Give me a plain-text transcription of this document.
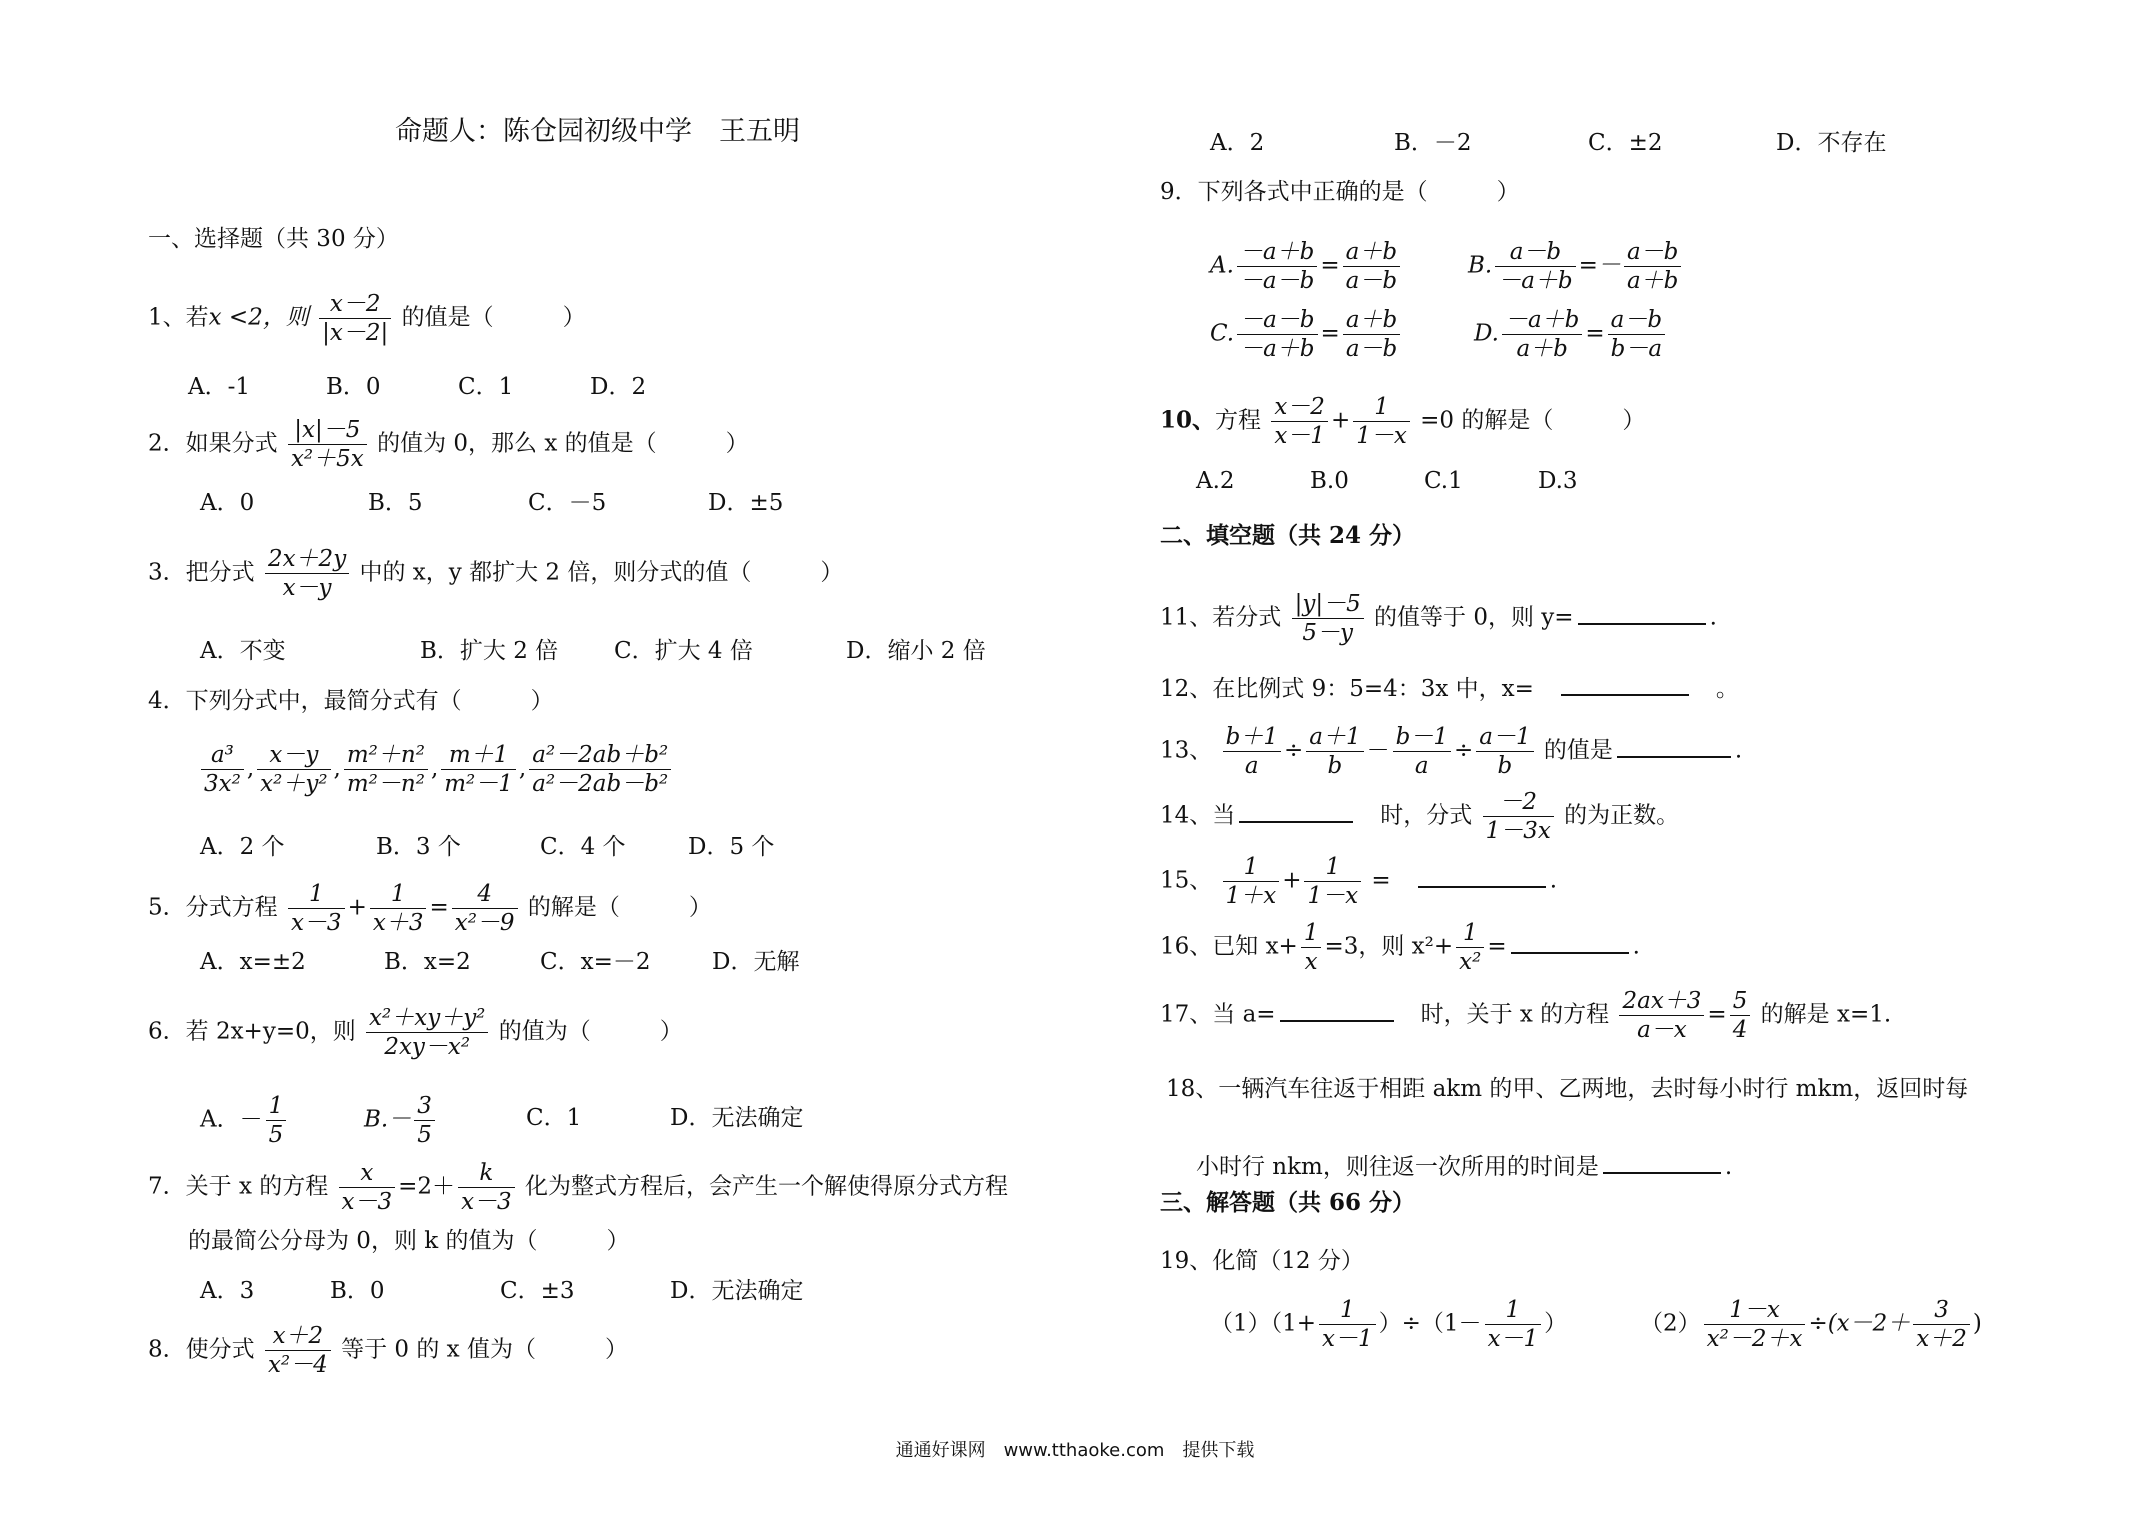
命题人：陈仓园初级中学　王五明
一、选择题（共 30 分）
1、若x <2，则 $\frac{x-2}{|x-2|}$ 的值是（　　　）
A．-1	B．0	C．1	D．2
2．如果分式 $\frac{|x|-5}{\text{x²＋5x}}$ 的值为 0，那么 x 的值是（　　　）
A．0	B．5	C．－5	D．±5
3．把分式 $\frac{2x+2y}{x-y}$ 中的 x，y 都扩大 2 倍，则分式的值（　　　）
A．不变	B．扩大 2 倍 C．扩大 4 倍	D．缩小 2 倍
4．下列分式中，最简分式有（　　　）
$\frac{\text{a³}}{\text{3x²}}$ , $\frac{x-y}{\text{x²＋y²}}$ , $\frac{\text{m²＋n²}}{\text{m²－n²}}$ , $\frac{m+1}{\text{m²－1}}$ , $\frac{\text{a²－2ab＋b²}}{\text{a²－2ab－b²}}$
A．2 个	B．3 个	C．4 个	D．5 个
5．分式方程 $\frac{1}{x-3} + \frac{1}{x+3} = \frac{4}{\text{x²－9}}$ 的解是（　　　）
A．x=±2	B．x=2	C．x=－2	D．无解
6．若 2x+y=0，则 $\frac{\text{x²＋xy＋y²}}{\text{2xy－x²}}$ 的值为（　　　）
A．－ $\frac{1}{5}$	$B.- \frac{3}{5}$	C．1	D．无法确定
7．关于 x 的方程 $\frac{x}{x-3} =2+ \frac{k}{x-3}$ 化为整式方程后，会产生一个解使得原分式方程
的最简公分母为 0，则 k 的值为（　　　）
A．3	B．0	C．±3	D．无法确定
8．使分式 $\frac{x+2}{\text{x²－4}}$ 等于 0 的 x 值为（　　　）
A．2	B．－2	C．±2	D．不存在
9．下列各式中正确的是（　　　）
A. $\frac{-a+b}{-a-b} = \frac{a+b}{a-b}$	B. $\frac{a-b}{-a+b} =- \frac{a-b}{a+b}$
C. $\frac{-a-b}{-a+b} = \frac{a+b}{a-b}$	D. $\frac{-a+b}{a+b} = \frac{a-b}{b-a}$
10、方程 $\frac{x-2}{x-1} + \frac{1}{1-x} =0$ 的解是（　　　）
A.2	B.0	C.1	D.3
二、填空题（共 24 分）
11、若分式 $\frac{|y|-5}{5-y}$ 的值等于 0，则 y=	.
12、在比例式 9：5=4：3x 中，x=　　	。
13、 $\frac{b+1}{a} \div \frac{a+1}{b} - \frac{b-1}{a} \div \frac{a-1}{b}$ 的值是	.
14、当　	时，分式 $\frac{-2}{1-3x}$ 的为正数。
15、 $\frac{1}{1+x} + \frac{1}{1-x}$ =　	.
16、已知 $x+ \frac{1}{x} =3$，则 $x^2+ \frac{1}{\text{x²}}$ =	.
17、当 a=　	时，关于 x 的方程 $\frac{2ax+3}{a-x} = \frac{5}{4}$ 的解是 x=1.
18、一辆汽车往返于相距 akm 的甲、乙两地，去时每小时行 mkm，返回时每
小时行 nkm，则往返一次所用的时间是	.
三、解答题（共 66 分）
19、化简（12 分）
$(1)(1+ \frac{1}{x-1} )\div(1- \frac{1}{x-1}$ ）	$(2) \frac{1-x}{\text{x²－2＋x}} \div(x-2+ \frac{3}{x+2}$ )
通通好课网　www.tthaoke.com　提供下载
